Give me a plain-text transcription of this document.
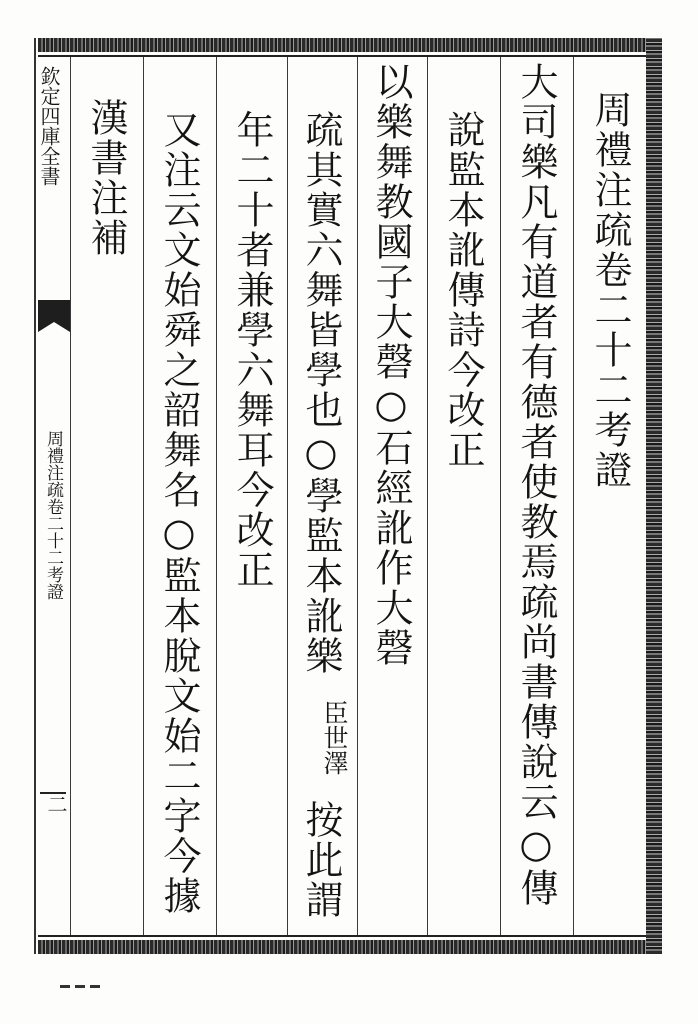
欽定四庫全書
周禮注疏卷二十二考證
二
周禮注疏卷二十二考證
大司樂凡有道者有德者使教焉疏尚書傳說云○傳
說監本訛傳詩今改正
以樂舞教國子大磬○石經訛作大磬
疏其實六舞皆學也○學監本訛樂
臣世澤
按此謂
年二十者兼學六舞耳今改正
又注云文始舜之韶舞名○監本脫文始二字今據
漢書注補
